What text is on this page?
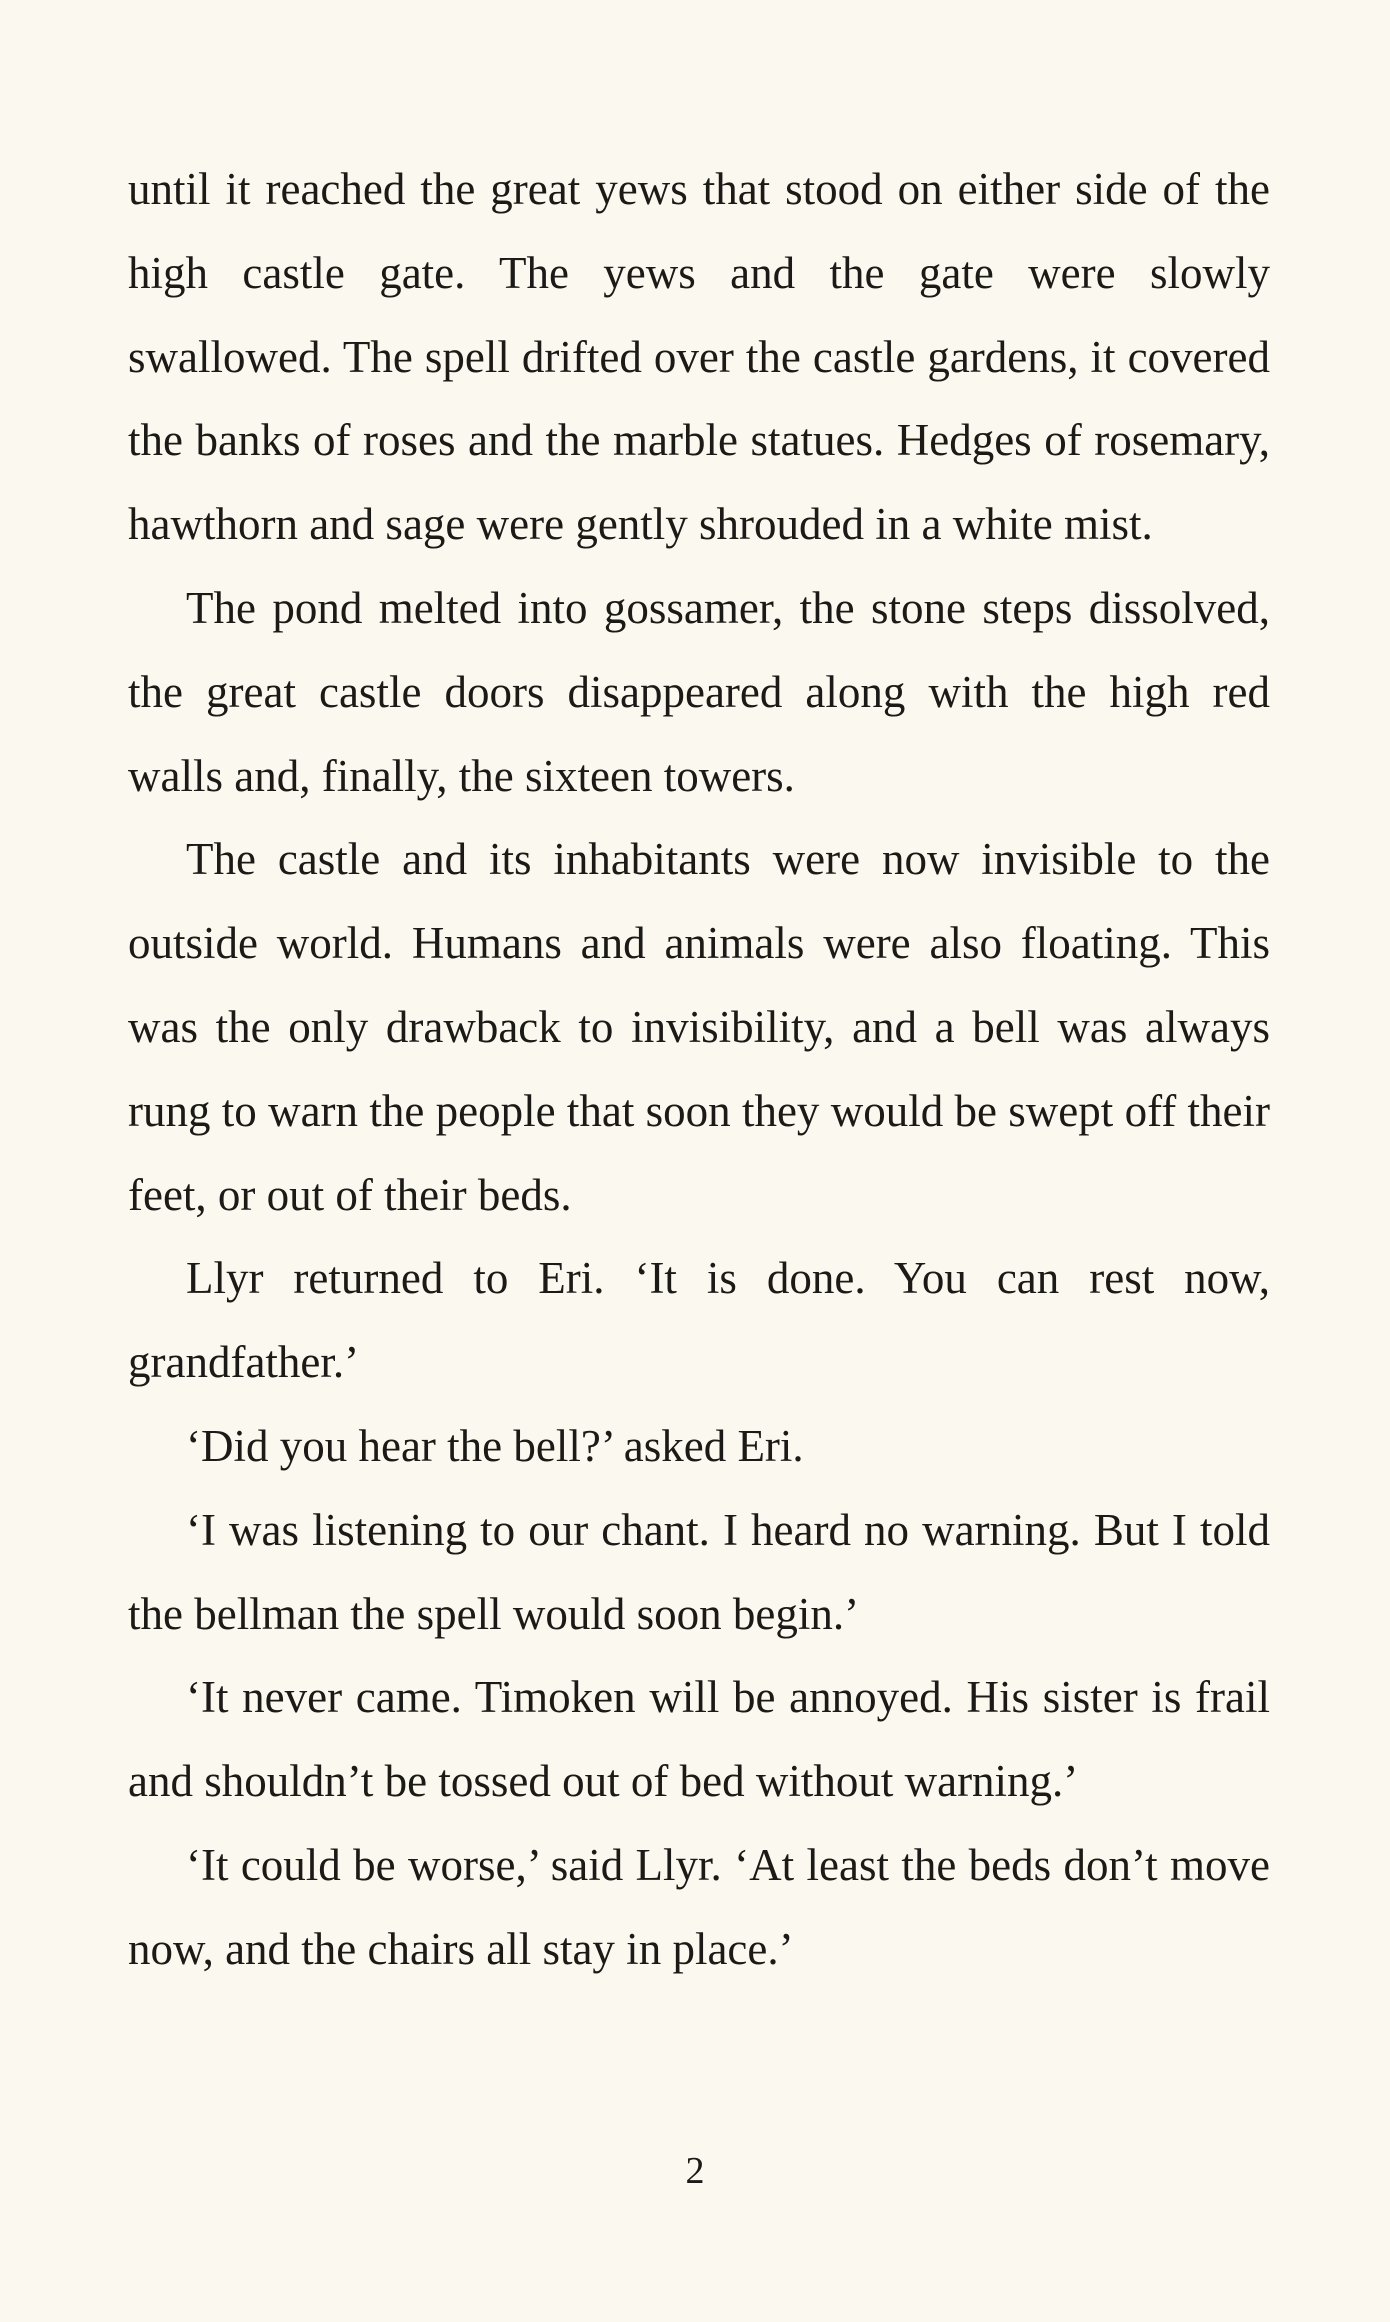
until it reached the great yews that stood on either side of the high castle gate. The yews and the gate were slowly swallowed. The spell drifted over the castle gardens, it covered the banks of roses and the marble statues. Hedges of rosemary, hawthorn and sage were gently shrouded in a white mist.

The pond melted into gossamer, the stone steps dissolved, the great castle doors disappeared along with the high red walls and, finally, the sixteen towers.

The castle and its inhabitants were now invisible to the outside world. Humans and animals were also floating. This was the only drawback to invisibility, and a bell was always rung to warn the people that soon they would be swept off their feet, or out of their beds.

Llyr returned to Eri. ‘It is done. You can rest now, grandfather.’

‘Did you hear the bell?’ asked Eri.

‘I was listening to our chant. I heard no warning. But I told the bellman the spell would soon begin.’

‘It never came. Timoken will be annoyed. His sister is frail and shouldn’t be tossed out of bed without warning.’

‘It could be worse,’ said Llyr. ‘At least the beds don’t move now, and the chairs all stay in place.’

2
